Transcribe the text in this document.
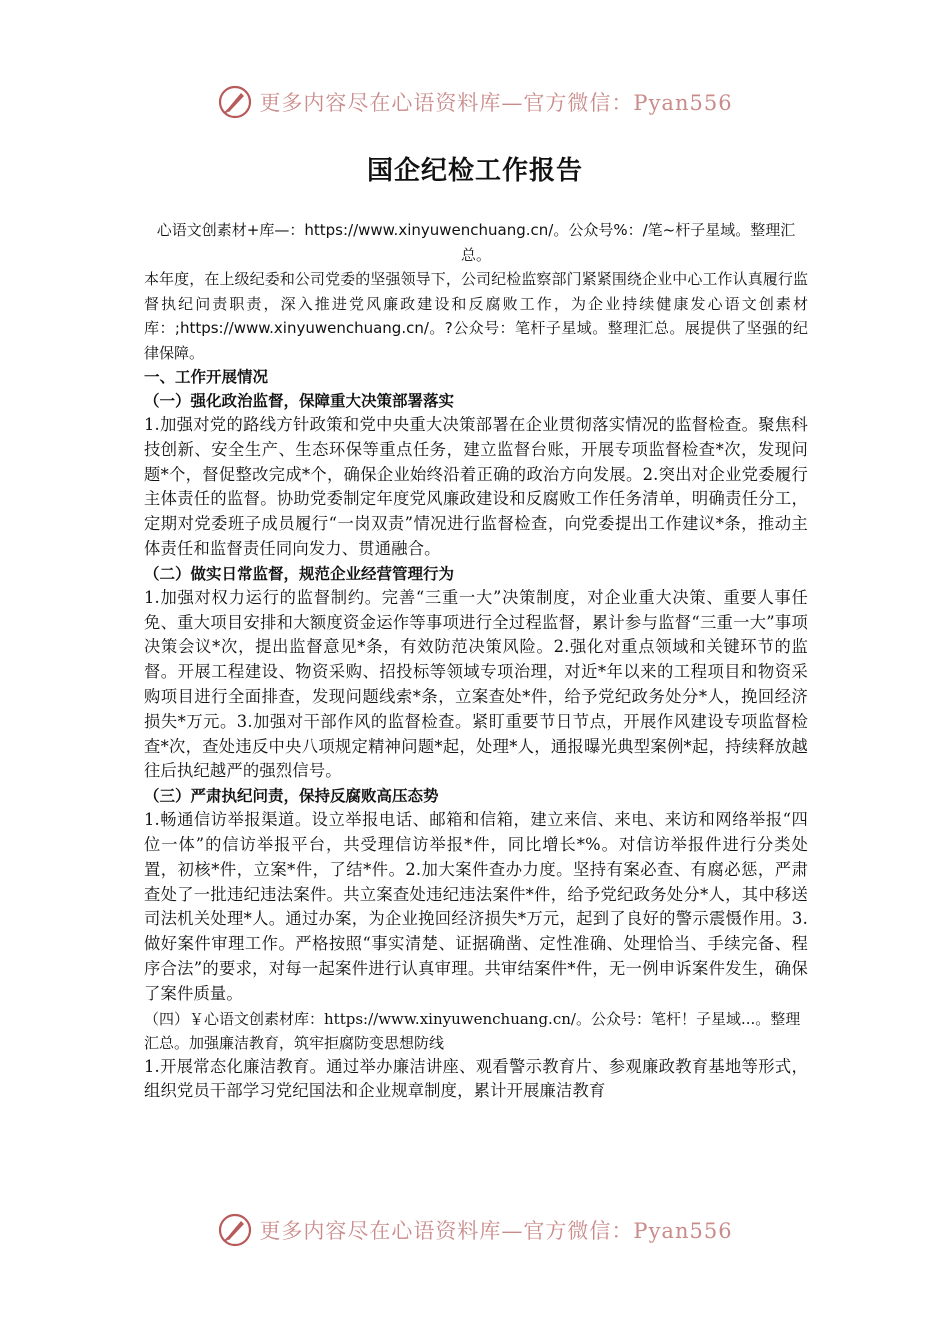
更多内容尽在心语资料库—官方微信：Pyan556
国企纪检工作报告

心语文创素材+库—：https://www.xinyuwenchuang.cn/。公众号%：/笔~杆子星域。整理汇总。

本年度，在上级纪委和公司党委的坚强领导下，公司纪检监察部门紧紧围绕企业中心工作认真履行监督执纪问责职责，深入推进党风廉政建设和反腐败工作，为企业持续健康发心语文创素材库：;https://www.xinyuwenchuang.cn/。?公众号：笔杆子星域。整理汇总。展提供了坚强的纪律保障。

一、工作开展情况

（一）强化政治监督，保障重大决策部署落实

1.加强对党的路线方针政策和党中央重大决策部署在企业贯彻落实情况的监督检查。聚焦科技创新、安全生产、生态环保等重点任务，建立监督台账，开展专项监督检查*次，发现问题*个，督促整改完成*个，确保企业始终沿着正确的政治方向发展。2.突出对企业党委履行主体责任的监督。协助党委制定年度党风廉政建设和反腐败工作任务清单，明确责任分工，定期对党委班子成员履行“一岗双责”情况进行监督检查，向党委提出工作建议*条，推动主体责任和监督责任同向发力、贯通融合。

（二）做实日常监督，规范企业经营管理行为

1.加强对权力运行的监督制约。完善“三重一大”决策制度，对企业重大决策、重要人事任免、重大项目安排和大额度资金运作等事项进行全过程监督，累计参与监督“三重一大”事项决策会议*次，提出监督意见*条，有效防范决策风险。2.强化对重点领域和关键环节的监督。开展工程建设、物资采购、招投标等领域专项治理，对近*年以来的工程项目和物资采购项目进行全面排查，发现问题线索*条，立案查处*件，给予党纪政务处分*人，挽回经济损失*万元。3.加强对干部作风的监督检查。紧盯重要节日节点，开展作风建设专项监督检查*次，查处违反中央八项规定精神问题*起，处理*人，通报曝光典型案例*起，持续释放越往后执纪越严的强烈信号。

（三）严肃执纪问责，保持反腐败高压态势

1.畅通信访举报渠道。设立举报电话、邮箱和信箱，建立来信、来电、来访和网络举报“四位一体”的信访举报平台，共受理信访举报*件，同比增长*%。对信访举报件进行分类处置，初核*件，立案*件，了结*件。2.加大案件查办力度。坚持有案必查、有腐必惩，严肃查处了一批违纪违法案件。共立案查处违纪违法案件*件，给予党纪政务处分*人，其中移送司法机关处理*人。通过办案，为企业挽回经济损失*万元，起到了良好的警示震慑作用。3.做好案件审理工作。严格按照“事实清楚、证据确凿、定性准确、处理恰当、手续完备、程序合法”的要求，对每一起案件进行认真审理。共审结案件*件，无一例申诉案件发生，确保了案件质量。

（四）￥心语文创素材库：https://www.xinyuwenchuang.cn/。公众号：笔杆！子星域...。整理汇总。加强廉洁教育，筑牢拒腐防变思想防线

1.开展常态化廉洁教育。通过举办廉洁讲座、观看警示教育片、参观廉政教育基地等形式，组织党员干部学习党纪国法和企业规章制度，累计开展廉洁教育

更多内容尽在心语资料库—官方微信：Pyan556
